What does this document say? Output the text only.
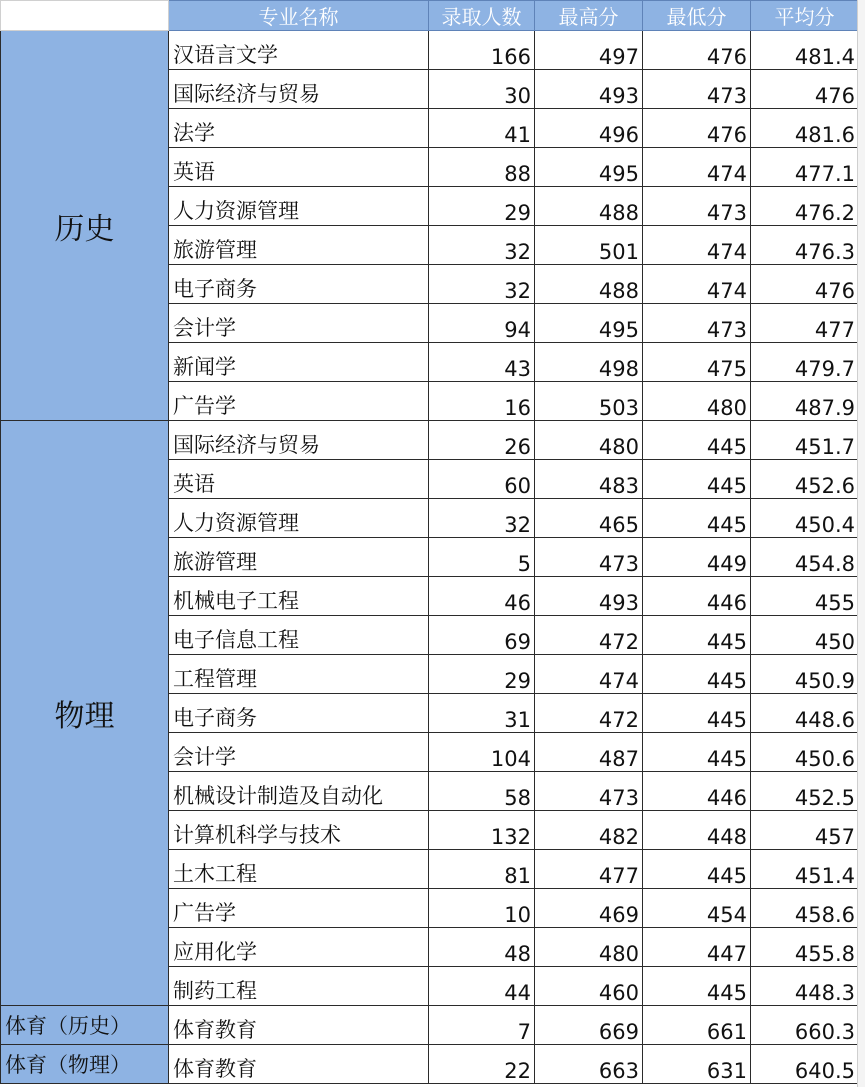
	专业名称	录取人数	最高分	最低分	平均分
历史	汉语言文学	166	497	476	481.4
	国际经济与贸易	30	493	473	476
	法学	41	496	476	481.6
	英语	88	495	474	477.1
	人力资源管理	29	488	473	476.2
	旅游管理	32	501	474	476.3
	电子商务	32	488	474	476
	会计学	94	495	473	477
	新闻学	43	498	475	479.7
	广告学	16	503	480	487.9
物理	国际经济与贸易	26	480	445	451.7
	英语	60	483	445	452.6
	人力资源管理	32	465	445	450.4
	旅游管理	5	473	449	454.8
	机械电子工程	46	493	446	455
	电子信息工程	69	472	445	450
	工程管理	29	474	445	450.9
	电子商务	31	472	445	448.6
	会计学	104	487	445	450.6
	机械设计制造及自动化	58	473	446	452.5
	计算机科学与技术	132	482	448	457
	土木工程	81	477	445	451.4
	广告学	10	469	454	458.6
	应用化学	48	480	447	455.8
	制药工程	44	460	445	448.3
体育（历史）	体育教育	7	669	661	660.3
体育（物理）	体育教育	22	663	631	640.5
